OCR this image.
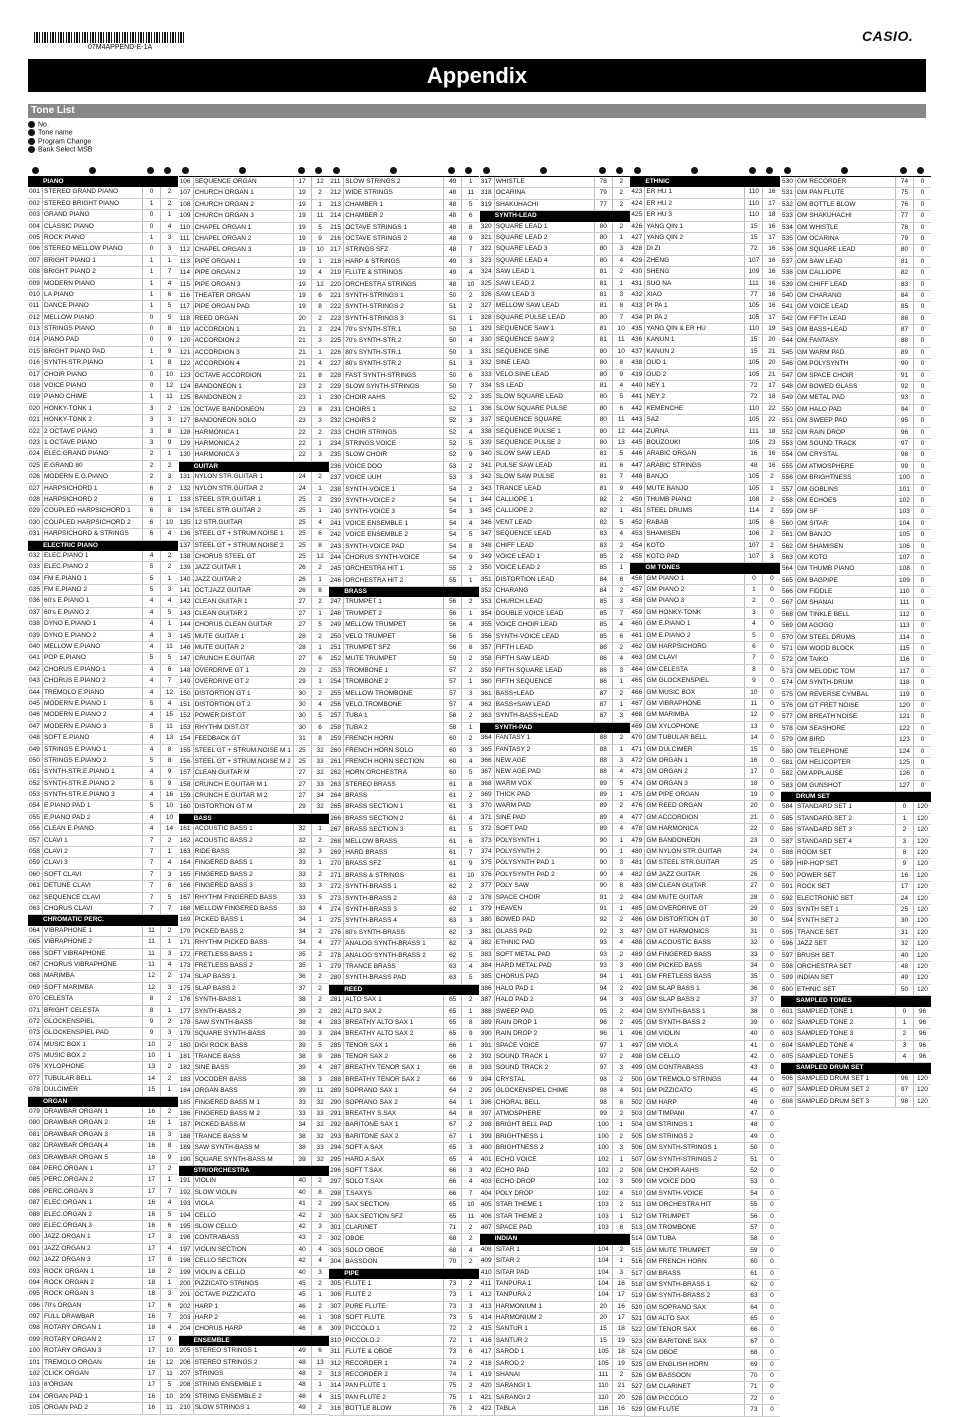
07M4APPEND-E-1A
CASIO.
Appendix
Tone List
No.
Tone name
Program Change
Bank Select MSB
PIANO
001 STEREO GRAND PIANO	0	2
002 STEREO BRIGHT PIANO	1	2
003 GRAND PIANO	0	1
004 CLASSIC PIANO	0	4
005 ROCK PIANO	1	3
006 STEREO MELLOW PIANO	0	3
007 BRIGHT PIANO 1	1	1
008 BRIGHT PIANO 2	1	7
009 MODERN PIANO	1	4
010 LA PIANO	1	6
011 DANCE PIANO	1	5
012 MELLOW PIANO	0	5
013 STRINGS PIANO	0	8
014 PIANO PAD	0	9
015 BRIGHT PIANO PAD	1	9
016 SYNTH-STR.PIANO	1	8
017 CHOIR PIANO	0	10
018 VOICE PIANO	0	12
019 PIANO CHIME	1	11
020 HONKY-TONK 1	3	2
021 HONKY-TONK 2	3	3
022 2 OCTAVE PIANO	3	8
023 1 OCTAVE PIANO	3	9
024 ELEC.GRAND PIANO	2	1
025 E.GRAND 80	2	2
026 MODERN E.G.PIANO	2	3
027 HARPSICHORD 1	6	2
028 HARPSICHORD 2	6	1
029 COUPLED HARPSICHORD 1	6	8
030 COUPLED HARPSICHORD 2	6	10
031 HARPSICHORD & STRINGS	6	4
ELECTRIC PIANO
032 ELEC.PIANO 1	4	2
033 ELEC.PIANO 2	5	2
034 FM E.PIANO 1	5	1
035 FM E.PIANO 2	5	3
036 60's E.PIANO 1	4	4
037 60's E.PIANO 2	4	5
038 DYNO E.PIANO 1	4	1
039 DYNO E.PIANO 2	4	3
040 MELLOW E.PIANO	4	11
041 POP E.PIANO	5	5
042 CHORUS E.PIANO 1	4	6
043 CHORUS E.PIANO 2	4	7
044 TREMOLO E.PIANO	4	12
045 MODERN E.PIANO 1	5	4
046 MODERN E.PIANO 2	4	15
047 MODERN E.PIANO 3	5	11
048 SOFT E.PIANO	4	13
049 STRINGS E.PIANO 1	4	8
050 STRINGS E.PIANO 2	5	8
051 SYNTH-STR.E.PIANO 1	4	9
052 SYNTH-STR.E.PIANO 2	5	9
053 SYNTH-STR.E.PIANO 3	4	16
054 E.PIANO PAD 1	5	10
055 E.PIANO PAD 2	4	10
056 CLEAN E.PIANO	4	14
057 CLAVI 1	7	2
058 CLAVI 2	7	1
059 CLAVI 3	7	4
060 SOFT CLAVI	7	3
061 DETUNE CLAVI	7	6
062 SEQUENCE CLAVI	7	5
063 CHORUS CLAVI	7	7
CHROMATIC PERC.
064 VIBRAPHONE 1	11	2
065 VIBRAPHONE 2	11	1
066 SOFT VIBRAPHONE	11	3
067 CHORUS VIBRAPHONE	11	4
068 MARIMBA	12	2
069 SOFT MARIMBA	12	3
070 CELESTA	8	2
071 BRIGHT CELESTA	8	1
072 GLOCKENSPIEL	9	2
073 GLOCKENSPIEL PAD	9	3
074 MUSIC BOX 1	10	2
075 MUSIC BOX 2	10	1
076 XYLOPHONE	13	2
077 TUBULAR BELL	14	2
078 DULCIMER	15	1
ORGAN
079 DRAWBAR ORGAN 1	16	2
080 DRAWBAR ORGAN 2	16	1
081 DRAWBAR ORGAN 3	16	3
082 DRAWBAR ORGAN 4	16	8
083 DRAWBAR ORGAN 5	16	9
084 PERC.ORGAN 1	17	2
085 PERC.ORGAN 2	17	1
086 PERC.ORGAN 3	17	7
087 ELEC.ORGAN 1	16	4
088 ELEC.ORGAN 2	16	5
089 ELEC.ORGAN 3	16	6
090 JAZZ ORGAN 1	17	3
091 JAZZ ORGAN 2	17	4
092 JAZZ ORGAN 3	17	8
093 ROCK ORGAN 1	18	2
094 ROCK ORGAN 2	18	1
095 ROCK ORGAN 3	18	3
096 70's ORGAN	17	6
097 FULL DRAWBAR	16	7
098 ROTARY ORGAN 1	18	4
099 ROTARY ORGAN 2	17	9
100 ROTARY ORGAN 3	17	10
101 TREMOLO ORGAN	16	12
102 CLICK ORGAN	17	11
103 8'ORGAN	17	5
104 ORGAN PAD 1	16	10
105 ORGAN PAD 2	16	11
106 SEQUENCE ORGAN	17	12
107 CHURCH ORGAN 1	19	2
108 CHURCH ORGAN 2	19	1
109 CHURCH ORGAN 3	19	11
110 CHAPEL ORGAN 1	19	5
111 CHAPEL ORGAN 2	19	9
112 CHAPEL ORGAN 3	19	10
113 PIPE ORGAN 1	19	1
114 PIPE ORGAN 2	19	4
115 PIPE ORGAN 3	19	12
116 THEATER ORGAN	19	6
117 PIPE ORGAN PAD	19	8
118 REED ORGAN	20	2
119 ACCORDION 1	21	2
120 ACCORDION 2	21	3
121 ACCORDION 3	21	1
122 ACCORDION 4	21	4
123 OCTAVE ACCORDION	21	8
124 BANDONEON 1	23	2
125 BANDONEON 2	23	1
126 OCTAVE BANDONEON	23	8
127 BANDONEON SOLO	23	3
128 HARMONICA 1	22	2
129 HARMONICA 2	22	1
130 HARMONICA 3	22	3
GUITAR
131 NYLON STR.GUITAR 1	24	2
132 NYLON STR.GUITAR 2	24	1
133 STEEL STR.GUITAR 1	25	2
134 STEEL STR.GUITAR 2	25	1
135 12 STR.GUITAR	25	4
136 STEEL GT + STRUM.NOISE 1	25	6
137 STEEL GT + STRUM.NOISE 2	25	8
138 CHORUS STEEL GT	25	12
139 JAZZ GUITAR 1	26	2
140 JAZZ GUITAR 2	26	1
141 OCT.JAZZ GUITAR	26	8
142 CLEAN GUITAR 1	27	2
143 CLEAN GUITAR 2	27	1
144 CHORUS CLEAN GUITAR	27	5
145 MUTE GUITAR 1	28	2
146 MUTE GUITAR 2	28	1
147 CRUNCH E.GUITAR	27	6
148 OVERDRIVE GT 1	29	2
149 OVERDRIVE GT 2	29	1
150 DISTORTION GT 1	30	2
151 DISTORTION GT 2	30	4
152 POWER DIST.GT	30	5
153 RHYTHM DIST.GT	30	6
154 FEEDBACK GT	31	8
155 STEEL GT + STRUM.NOISE M 1	25	32
156 STEEL GT + STRUM.NOISE M 2	25	33
157 CLEAN GUITAR M	27	32
158 CRUNCH E.GUITAR M 1	27	33
159 CRUNCH E.GUITAR M 2	27	34
160 DISTORTION GT M	29	32
BASS
161 ACOUSTIC BASS 1	32	1
162 ACOUSTIC BASS 2	32	2
163 RIDE BASS	32	3
164 FINGERED BASS 1	33	1
165 FINGERED BASS 2	33	2
166 FINGERED BASS 3	33	3
167 RHYTHM FINGERED BASS	33	5
168 MELLOW FINGERED BASS	33	4
169 PICKED BASS 1	34	1
170 PICKED BASS 2	34	2
171 RHYTHM PICKED BASS	34	4
172 FRETLESS BASS 1	35	2
173 FRETLESS BASS 2	35	1
174 SLAP BASS 1	36	2
175 SLAP BASS 2	37	2
176 SYNTH-BASS 1	38	2
177 SYNTH-BASS 2	39	2
178 SAW SYNTH-BASS	38	4
179 SQUARE SYNTH-BASS	39	3
180 DIGI ROCK BASS	39	5
181 TRANCE BASS	38	9
182 SINE BASS	39	4
183 VOCODER BASS	38	3
184 ORGAN BASS	39	11
185 FINGERED BASS M 1	33	32
186 FINGERED BASS M 2	33	33
187 PICKED BASS M	34	32
188 TRANCE BASS M	38	32
189 SAW SYNTH-BASS M	38	33
190 SQUARE SYNTH-BASS M	39	32
STR/ORCHESTRA
191 VIOLIN	40	2
192 SLOW VIOLIN	40	8
193 VIOLA	41	2
194 CELLO	42	2
195 SLOW CELLO	42	3
196 CONTRABASS	43	2
197 VIOLIN SECTION	40	4
198 CELLO SECTION	42	4
199 VIOLIN & CELLO	40	3
200 PIZZICATO STRINGS	45	2
201 OCTAVE PIZZICATO	45	1
202 HARP 1	46	2
203 HARP 2	46	1
204 CHORUS HARP	46	8
ENSEMBLE
205 STEREO STRINGS 1	49	6
206 STEREO STRINGS 2	48	13
207 STRINGS	48	2
208 STRING ENSEMBLE 1	48	1
209 STRING ENSEMBLE 2	48	4
210 SLOW STRINGS 1	49	2
211 SLOW STRINGS 2	49	1
212 WIDE STRINGS	48	11
213 CHAMBER 1	48	5
214 CHAMBER 2	48	6
215 OCTAVE STRINGS 1	48	8
216 OCTAVE STRINGS 2	48	9
217 STRINGS SFZ	48	7
218 HARP & STRINGS	49	3
219 FLUTE & STRINGS	49	4
220 ORCHESTRA STRINGS	48	10
221 SYNTH-STRINGS 1	50	2
222 SYNTH-STRINGS 2	51	2
223 SYNTH-STRINGS 3	51	1
224 70's SYNTH-STR.1	50	1
225 70's SYNTH-STR.2	50	4
226 80's SYNTH-STR.1	50	3
227 80's SYNTH-STR.2	51	3
228 FAST SYNTH-STRINGS	50	6
229 SLOW SYNTH-STRINGS	50	7
230 CHOIR AAHS	52	2
231 CHOIRS 1	52	1
232 CHOIRS 2	52	3
233 CHOIR STRINGS	52	4
234 STRINGS VOICE	52	5
235 SLOW CHOIR	52	9
236 VOICE DOO	53	2
237 VOICE UUH	53	3
238 SYNTH-VOICE 1	54	2
239 SYNTH-VOICE 2	54	1
240 SYNTH-VOICE 3	54	3
241 VOICE ENSEMBLE 1	54	4
242 VOICE ENSEMBLE 2	54	5
243 SYNTH-VOICE PAD	54	8
244 CHORUS SYNTH-VOICE	54	9
245 ORCHESTRA HIT 1	55	2
246 ORCHESTRA HIT 2	55	1
BRASS
247 TRUMPET 1	56	2
248 TRUMPET 2	56	1
249 MELLOW TRUMPET	56	4
250 VELO TRUMPET	56	5
251 TRUMPET SFZ	56	8
252 MUTE TRUMPET	59	2
253 TROMBONE 1	57	2
254 TROMBONE 2	57	1
255 MELLOW TROMBONE	57	3
256 VELO.TROMBONE	57	4
257 TUBA 1	58	2
258 TUBA 2	58	1
259 FRENCH HORN	60	2
260 FRENCH HORN SOLO	60	3
261 FRENCH HORN SECTION	60	4
262 HORN ORCHESTRA	60	5
263 STEREO BRASS	61	8
264 BRASS	61	2
265 BRASS SECTION 1	61	3
266 BRASS SECTION 2	61	4
267 BRASS SECTION 3	61	5
268 MELLOW BRASS	61	6
269 HARD BRASS	61	7
270 BRASS SFZ	61	9
271 BRASS & STRINGS	61	10
272 SYNTH-BRASS 1	62	2
273 SYNTH-BRASS 2	63	2
274 SYNTH-BRASS 3	62	1
275 SYNTH-BRASS 4	63	3
276 80's SYNTH-BRASS	62	3
277 ANALOG SYNTH-BRASS 1	62	4
278 ANALOG SYNTH-BRASS 2	62	5
279 TRANCE BRASS	63	4
280 SYNTH-BRASS PAD	63	5
REED
281 ALTO SAX 1	65	2
282 ALTO SAX 2	65	1
283 BREATHY ALTO SAX 1	65	8
284 BREATHY ALTO SAX 2	65	9
285 TENOR SAX 1	66	1
286 TENOR SAX 2	66	2
287 BREATHY TENOR SAX 1	66	8
288 BREATHY TENOR SAX 2	66	9
289 SOPRANO SAX 1	64	2
290 SOPRANO SAX 2	64	1
291 BREATHY S.SAX	64	8
292 BARITONE SAX 1	67	2
293 BARITONE SAX 2	67	1
294 SOFT A.SAX	65	3
295 HARD A.SAX	65	4
296 SOFT T.SAX	66	3
297 SOLO T.SAX	66	4
298 T.SAXYS	66	7
299 SAX SECTION	65	10
300 SAX SECTION SFZ	65	11
301 CLARINET	71	2
302 OBOE	68	2
303 SOLO OBOE	68	4
304 BASSOON	70	2
PIPE
305 FLUTE 1	73	2
306 FLUTE 2	73	1
307 PURE FLUTE	73	3
308 SOFT FLUTE	73	5
309 PICCOLO 1	72	2
310 PICCOLO 2	72	1
311 FLUTE & OBOE	73	6
312 RECORDER 1	74	2
313 RECORDER 2	74	1
314 PAN FLUTE 1	75	2
315 PAN FLUTE 2	75	1
316 BOTTLE BLOW	76	2
317 WHISTLE	78	2
318 OCARINA	79	2
319 SHAKUHACHI	77	2
SYNTH-LEAD
320 SQUARE LEAD 1	80	2
321 SQUARE LEAD 2	80	1
322 SQUARE LEAD 3	80	3
323 SQUARE LEAD 4	80	4
324 SAW LEAD 1	81	2
325 SAW LEAD 2	81	1
326 SAW LEAD 3	81	3
327 MELLOW SAW LEAD	81	8
328 SQUARE PULSE LEAD	80	7
329 SEQUENCE SAW 1	81	10
330 SEQUENCE SAW 2	81	11
331 SEQUENCE SINE	80	10
332 SINE LEAD	80	8
333 VELO.SINE LEAD	80	9
334 SS LEAD	81	4
335 SLOW SQUARE LEAD	80	5
336 SLOW SQUARE PULSE	80	6
337 SEQUENCE SQUARE	80	11
338 SEQUENCE PULSE 1	80	12
339 SEQUENCE PULSE 2	80	13
340 SLOW SAW LEAD	81	5
341 PULSE SAW LEAD	81	6
342 SLOW SAW PULSE	81	7
343 TRANCE LEAD	81	9
344 CALLIOPE 1	82	2
345 CALLIOPE 2	82	1
346 VENT LEAD	82	5
347 SEQUENCE LEAD	83	4
348 CHIFF LEAD	83	2
349 VOICE LEAD 1	85	2
350 VOICE LEAD 2	85	1
351 DISTORTION LEAD	84	8
352 CHARANG	84	2
353 CHURCH LEAD	85	3
354 DOUBLE VOICE LEAD	85	7
355 VOICE CHOIR LEAD	85	4
356 SYNTH-VOICE LEAD	85	6
357 FIFTH LEAD	86	2
358 FIFTH SAW LEAD	86	4
359 FIFTH SQUARE LEAD	86	3
360 FIFTH SEQUENCE	86	1
361 BASS+LEAD	87	2
362 BASS+SAW LEAD	87	1
363 SYNTH-BASS+LEAD	87	3
SYNTH-PAD
364 FANTASY 1	88	2
365 FANTASY 2	88	1
366 NEW AGE	88	3
367 NEW AGE PAD	88	4
368 WARM VOX	89	5
369 THICK PAD	89	1
370 WARM PAD	89	2
371 SINE PAD	89	4
372 SOFT PAD	89	4
373 POLYSYNTH 1	90	1
374 POLYSYNTH 2	90	1
375 POLYSYNTH PAD 1	90	3
376 POLYSYNTH PAD 2	90	4
377 POLY SAW	90	8
378 SPACE CHOIR	91	2
379 HEAVEN	91	1
380 BOWED PAD	92	2
381 GLASS PAD	92	3
382 ETHNIC PAD	93	4
383 SOFT METAL PAD	93	2
384 HARD METAL PAD	93	3
385 CHORUS PAD	94	1
386 HALO PAD 1	94	2
387 HALO PAD 2	94	3
388 SWEEP PAD	95	2
389 RAIN DROP 1	96	2
390 RAIN DROP 2	96	1
391 SPACE VOICE	97	1
392 SOUND TRACK 1	97	2
393 SOUND TRACK 2	97	3
394 CRYSTAL	98	2
395 GLOCKENSPIEL CHIME	98	4
396 CHORAL BELL	98	6
397 ATMOSPHERE	99	2
398 BRIGHT BELL PAD	100	1
399 BRIGHTNESS 1	100	2
400 BRIGHTNESS 2	100	3
401 ECHO VOICE	102	1
402 ECHO PAD	102	2
403 ECHO DROP	102	3
404 POLY DROP	102	4
405 STAR THEME 1	103	2
406 STAR THEME 2	103	1
407 SPACE PAD	103	8
INDIAN
408 SITAR 1	104	2
409 SITAR 2	104	1
410 SITAR PAD	104	3
411 TANPURA 1	104	16
412 TANPURA 2	104	17
413 HARMONIUM 1	20	16
414 HARMONIUM 2	20	17
415 SANTUR 1	15	18
416 SANTUR 2	15	19
417 SAROD 1	105	18
418 SAROD 2	105	19
419 SHANAI	111	2
420 SARANGI 1	110	21
421 SARANGI 2	110	20
422 TABLA	116	16
ETHNIC
423 ER HU 1	110	16
424 ER HU 2	110	17
425 ER HU 3	110	18
426 YANG QIN 1	15	16
427 YANG QIN 2	15	17
428 DI ZI	72	16
429 ZHENG	107	16
430 SHENG	109	16
431 SUO NA	111	16
432 XIAO	77	16
433 PI PA 1	105	16
434 PI PA 2	105	17
435 YANG QIN & ER HU	110	19
436 KANUN 1	15	20
437 KANUN 2	15	21
438 OUD 1	105	20
439 OUD 2	105	21
440 NEY 1	72	17
441 NEY 2	72	18
442 KEMENCHE	110	22
443 SAZ	105	22
444 ZURNA	111	18
445 BOUZOUKI	105	23
446 ARABIC ORGAN	16	16
447 ARABIC STRINGS	48	16
448 BANJO	105	2
449 MUTE BANJO	105	1
450 THUMB PIANO	108	2
451 STEEL DRUMS	114	2
452 RABAB	105	8
453 SHAMISEN	106	2
454 KOTO	107	2
455 KOTO PAD	107	3
GM TONES
456 GM PIANO 1	0	0
457 GM PIANO 2	1	0
458 GM PIANO 3	2	0
459 GM HONKY-TONK	3	0
460 GM E.PIANO 1	4	0
461 GM E.PIANO 2	5	0
462 GM HARPSICHORD	6	0
463 GM CLAVI	7	0
464 GM CELESTA	8	0
465 GM GLOCKENSPIEL	9	0
466 GM MUSIC BOX	10	0
467 GM VIBRAPHONE	11	0
468 GM MARIMBA	12	0
469 GM XYLOPHONE	13	0
470 GM TUBULAR BELL	14	0
471 GM DULCIMER	15	0
472 GM ORGAN 1	16	0
473 GM ORGAN 2	17	0
474 GM ORGAN 3	18	0
475 GM PIPE ORGAN	19	0
476 GM REED ORGAN	20	0
477 GM ACCORDION	21	0
478 GM HARMONICA	22	0
479 GM BANDONEON	23	0
480 GM NYLON STR.GUITAR	24	0
481 GM STEEL STR.GUITAR	25	0
482 GM JAZZ GUITAR	26	0
483 GM CLEAN GUITAR	27	0
484 GM MUTE GUITAR	28	0
485 GM OVERDRIVE GT	29	0
486 GM DISTORTION GT	30	0
487 GM GT HARMONICS	31	0
488 GM ACOUSTIC BASS	32	0
489 GM FINGERED BASS	33	0
490 GM PICKED BASS	34	0
491 GM FRETLESS BASS	35	0
492 GM SLAP BASS 1	36	0
493 GM SLAP BASS 2	37	0
494 GM SYNTH-BASS 1	38	0
495 GM SYNTH-BASS 2	39	0
496 GM VIOLIN	40	0
497 GM VIOLA	41	0
498 GM CELLO	42	0
499 GM CONTRABASS	43	0
500 GM TREMOLO STRINGS	44	0
501 GM PIZZICATO	45	0
502 GM HARP	46	0
503 GM TIMPANI	47	0
504 GM STRINGS 1	48	0
505 GM STRINGS 2	49	0
506 GM SYNTH-STRINGS 1	50	0
507 GM SYNTH-STRINGS 2	51	0
508 GM CHOIR AAHS	52	0
509 GM VOICE DOO	53	0
510 GM SYNTH-VOICE	54	0
511 GM ORCHESTRA HIT	55	0
512 GM TRUMPET	56	0
513 GM TROMBONE	57	0
514 GM TUBA	58	0
515 GM MUTE TRUMPET	59	0
516 GM FRENCH HORN	60	0
517 GM BRASS	61	0
518 GM SYNTH-BRASS 1	62	0
519 GM SYNTH-BRASS 2	63	0
520 GM SOPRANO SAX	64	0
521 GM ALTO SAX	65	0
522 GM TENOR SAX	66	0
523 GM BARITONE SAX	67	0
524 GM OBOE	68	0
525 GM ENGLISH HORN	69	0
526 GM BASSOON	70	0
527 GM CLARINET	71	0
528 GM PICCOLO	72	0
529 GM FLUTE	73	0
530 GM RECORDER	74	0
531 GM PAN FLUTE	75	0
532 GM BOTTLE BLOW	76	0
533 GM SHAKUHACHI	77	0
534 GM WHISTLE	78	0
535 GM OCARINA	79	0
536 GM SQUARE LEAD	80	0
537 GM SAW LEAD	81	0
538 GM CALLIOPE	82	0
539 GM CHIFF LEAD	83	0
540 GM CHARANG	84	0
541 GM VOICE LEAD	85	0
542 GM FIFTH LEAD	86	0
543 GM BASS+LEAD	87	0
544 GM FANTASY	88	0
545 GM WARM PAD	89	0
546 GM POLYSYNTH	90	0
547 GM SPACE CHOIR	91	0
548 GM BOWED GLASS	92	0
549 GM METAL PAD	93	0
550 GM HALO PAD	94	0
551 GM SWEEP PAD	95	0
552 GM RAIN DROP	96	0
553 GM SOUND TRACK	97	0
554 GM CRYSTAL	98	0
555 GM ATMOSPHERE	99	0
556 GM BRIGHTNESS	100	0
557 GM GOBLINS	101	0
558 GM ECHOES	102	0
559 GM SF	103	0
560 GM SITAR	104	0
561 GM BANJO	105	0
562 GM SHAMISEN	106	0
563 GM KOTO	107	0
564 GM THUMB PIANO	108	0
565 GM BAGPIPE	109	0
566 GM FIDDLE	110	0
567 GM SHANAI	111	0
568 GM TINKLE BELL	112	0
569 GM AGOGO	113	0
570 GM STEEL DRUMS	114	0
571 GM WOOD BLOCK	115	0
572 GM TAIKO	116	0
573 GM MELODIC TOM	117	0
574 GM SYNTH-DRUM	118	0
575 GM REVERSE CYMBAL	119	0
576 GM GT FRET NOISE	120	0
577 GM BREATH NOISE	121	0
578 GM SEASHORE	122	0
579 GM BIRD	123	0
580 GM TELEPHONE	124	0
581 GM HELICOPTER	125	0
582 GM APPLAUSE	126	0
583 GM GUNSHOT	127	0
DRUM SET
584 STANDARD SET 1	0	120
585 STANDARD SET 2	1	120
586 STANDARD SET 3	2	120
587 STANDARD SET 4	3	120
588 ROOM SET	8	120
589 HIP-HOP SET	9	120
590 POWER SET	16	120
591 ROCK SET	17	120
592 ELECTRONIC SET	24	120
593 SYNTH SET 1	25	120
594 SYNTH SET 2	30	120
595 TRANCE SET	31	120
596 JAZZ SET	32	120
597 BRUSH SET	40	120
598 ORCHESTRA SET	48	120
599 INDIAN SET	49	120
600 ETHNIC SET	50	120
SAMPLED TONES
601 SAMPLED TONE 1	0	96
602 SAMPLED TONE 2	1	96
603 SAMPLED TONE 3	2	96
604 SAMPLED TONE 4	3	96
605 SAMPLED TONE 5	4	96
SAMPLED DRUM SET
606 SAMPLED DRUM SET 1	96	120
607 SAMPLED DRUM SET 2	97	120
608 SAMPLED DRUM SET 3	98	120
